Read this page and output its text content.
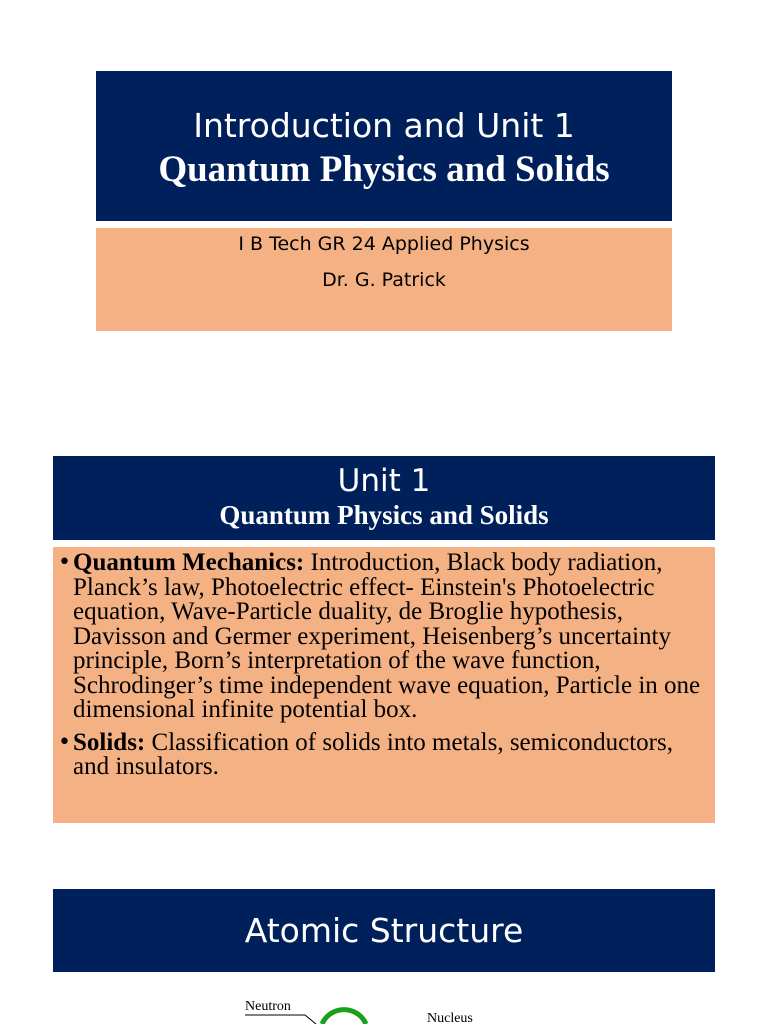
Introduction and Unit 1
Quantum Physics and Solids
I B Tech GR 24 Applied Physics
Dr. G. Patrick
Unit 1
Quantum Physics and Solids
• Quantum Mechanics: Introduction, Black body radiation, Planck’s law, Photoelectric effect- Einstein's Photoelectric equation, Wave-Particle duality, de Broglie hypothesis, Davisson and Germer experiment, Heisenberg’s uncertainty principle, Born’s interpretation of the wave function, Schrodinger’s time independent wave equation, Particle in one dimensional infinite potential box.
• Solids: Classification of solids into metals, semiconductors, and insulators.
Atomic Structure
Neutron
Nucleus
